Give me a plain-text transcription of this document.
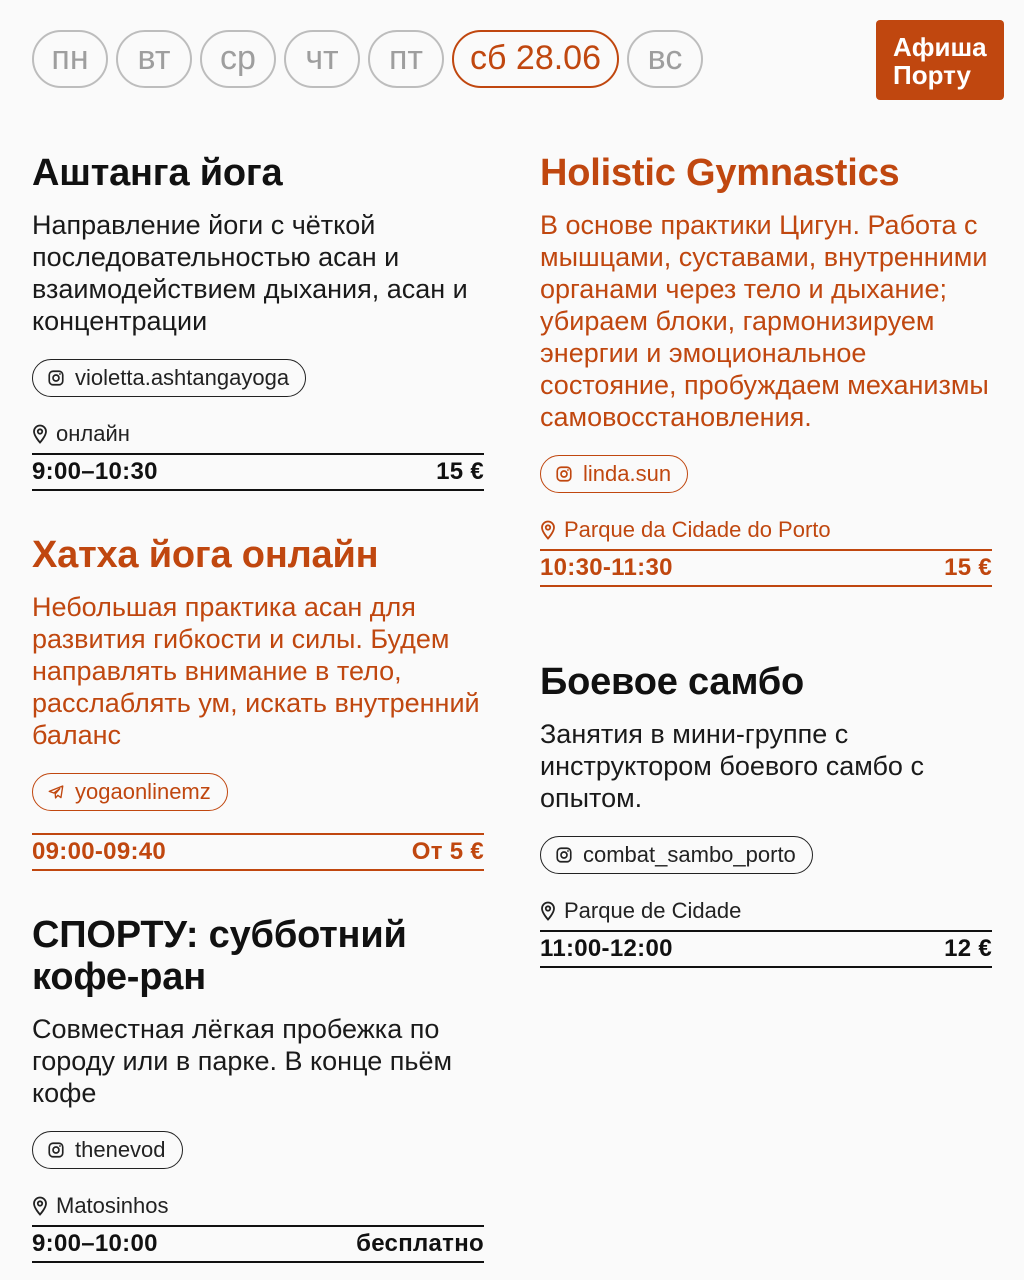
пн	вт	ср	чт	пт	сб 28.06	вс	Афиша
Порту
Аштанга йога
Направление йоги с чёткой последовательностью асан и взаимодействием дыхания, асан и концентрации
violetta.ashtangayoga
онлайн
9:00–10:30	15 €
Хатха йога онлайн
Небольшая практика асан для развития гибкости и силы. Будем направлять внимание в тело, расслаблять ум, искать внутренний баланс
yogaonlinemz
09:00-09:40	От 5 €
СПОРТУ: субботний кофе-ран
Совместная лёгкая пробежка по городу или в парке. В конце пьём кофе
thenevod
Matosinhos
9:00–10:00	бесплатно
Holistic Gymnastics
В основе практики Цигун. Работа с мышцами, суставами, внутренними органами через тело и дыхание; убираем блоки, гармонизируем энергии и эмоциональное состояние, пробуждаем механизмы самовосстановления.
linda.sun
Parque da Cidade do Porto
10:30-11:30	15 €
Боевое самбо
Занятия в мини-группе с инструктором боевого самбо с опытом.
combat_sambo_porto
Parque de Cidade
11:00-12:00	12 €
